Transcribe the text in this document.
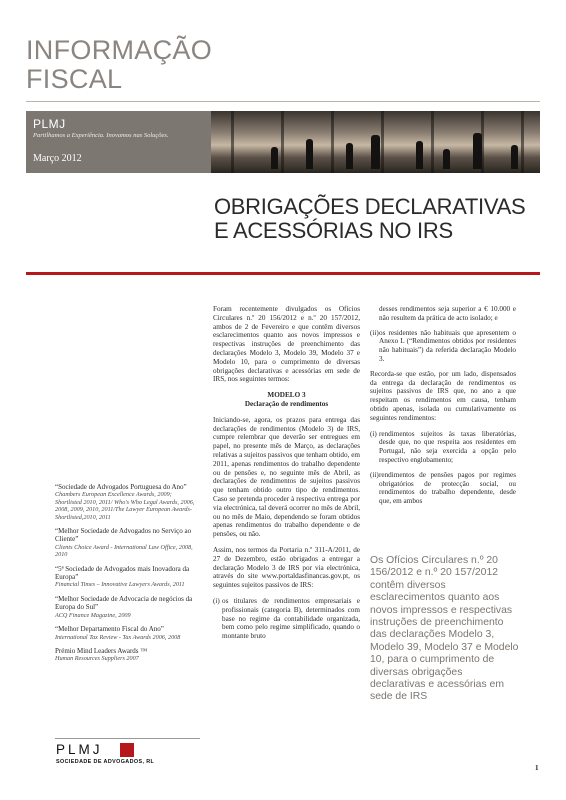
INFORMAÇÃO
FISCAL
PLMJ
Partilhamos a Experiência. Inovamos nas Soluções.
Março 2012
OBRIGAÇÕES DECLARATIVAS
E ACESSÓRIAS NO IRS

Foram recentemente divulgados os Ofícios Circulares n.º 20 156/2012 e n.º 20 157/2012, ambos de 2 de Fevereiro e que contêm diversos esclarecimentos quanto aos novos impressos e respectivas instruções de preenchimento das declarações Modelo 3, Modelo 39, Modelo 37 e Modelo 10, para o cumprimento de diversas obrigações declarativas e acessórias em sede de IRS, nos seguintes termos:

MODELO 3
Declaração de rendimentos

Iniciando-se, agora, os prazos para entrega das declarações de rendimentos (Modelo 3) de IRS, cumpre relembrar que deverão ser entregues em papel, no presente mês de Março, as declarações relativas a sujeitos passivos que tenham obtido, em 2011, apenas rendimentos do trabalho dependente ou de pensões e, no seguinte mês de Abril, as declarações de rendimentos de sujeitos passivos que tenham obtido outro tipo de rendimentos. Caso se pretenda proceder à respectiva entrega por via electrónica, tal deverá ocorrer no mês de Abril, ou no mês de Maio, dependendo se foram obtidos apenas rendimentos do trabalho dependente e de pensões, ou não.

Assim, nos termos da Portaria n.º 311-A/2011, de 27 de Dezembro, estão obrigados a entregar a declaração Modelo 3 de IRS por via electrónica, através do site www.portaldasfinancas.gov.pt, os seguintes sujeitos passivos de IRS:

(i) os titulares de rendimentos empresariais e profissionais (categoria B), determinados com base no regime da contabilidade organizada, bem como pelo regime simplificado, quando o montante bruto
desses rendimentos seja superior a € 10.000 e não resultem da prática de acto isolado; e
(ii) os residentes não habituais que apresentem o Anexo L (“Rendimentos obtidos por residentes não habituais”) da referida declaração Modelo 3.

Recorda-se que estão, por um lado, dispensados da entrega da declaração de rendimentos os sujeitos passivos de IRS que, no ano a que respeitam os rendimentos em causa, tenham obtido apenas, isolada ou cumulativamente os seguintes rendimentos:

(i) rendimentos sujeitos às taxas liberatórias, desde que, no que respeita aos residentes em Portugal, não seja exercida a opção pelo respectivo englobamento;
(ii) rendimentos de pensões pagos por regimes obrigatórios de protecção social, ou rendimentos do trabalho dependente, desde que, em ambos
Os Ofícios Circulares n.º 20 156/2012 e n.º 20 157/2012 contêm diversos esclarecimentos quanto aos novos impressos e respectivas instruções de preenchimento das declarações Modelo 3, Modelo 39, Modelo 37 e Modelo 10, para o cumprimento de diversas obrigações declarativas e acessórias em sede de IRS
“Sociedade de Advogados Portuguesa do Ano”
Chambers European Excellence Awards, 2009; Shortlisted 2010, 2011/ Who's Who Legal Awards, 2006, 2008, 2009, 2010, 2011/The Lawyer European Awards-Shortlisted,2010, 2011
“Melhor Sociedade de Advogados no Serviço ao Cliente”
Clients Choice Award - International Law Office, 2008, 2010
“5ª Sociedade de Advogados mais Inovadora da Europa”
Financial Times – Innovative Lawyers Awards, 2011
“Melhor Sociedade de Advocacia de negócios da Europa do Sul”
ACQ Finance Magazine, 2009
“Melhor Departamento Fiscal do Ano”
International Tax Review - Tax Awards 2006, 2008
Prémio Mind Leaders Awards ™
Human Resources Suppliers 2007
PLMJ
SOCIEDADE DE ADVOGADOS, RL
1
